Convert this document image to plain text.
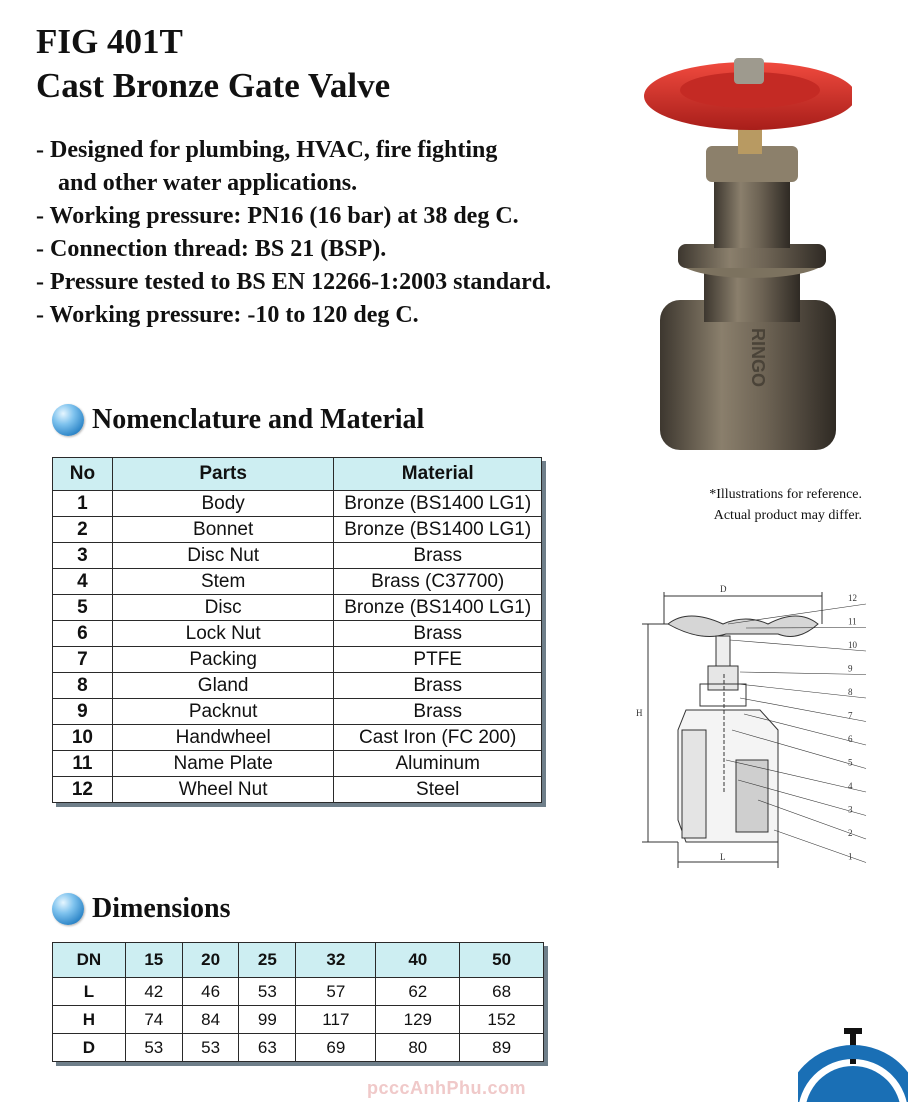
FIG 401T
Cast Bronze Gate Valve
- Designed for plumbing, HVAC, fire fighting
and other water applications.
- Working pressure: PN16 (16 bar) at 38 deg C.
- Connection thread: BS 21 (BSP).
- Pressure tested to BS EN 12266-1:2003 standard.
- Working pressure: -10 to 120 deg C.
RINGO
*Illustrations for reference.
Actual product may differ.
Nomenclature and Material
No	Parts	Material
1	Body	Bronze (BS1400 LG1)
2	Bonnet	Bronze (BS1400 LG1)
3	Disc Nut	Brass
4	Stem	Brass (C37700)
5	Disc	Bronze (BS1400 LG1)
6	Lock Nut	Brass
7	Packing	PTFE
8	Gland	Brass
9	Packnut	Brass
10	Handwheel	Cast Iron (FC 200)
11	Name Plate	Aluminum
12	Wheel Nut	Steel
D
H
L
12
11
10
9
8
7
6
5
4
3
2
1
Dimensions
DN	15	20	25	32	40	50
L	42	46	53	57	62	68
H	74	84	99	117	129	152
D	53	53	63	69	80	89
pcccAnhPhu.com
